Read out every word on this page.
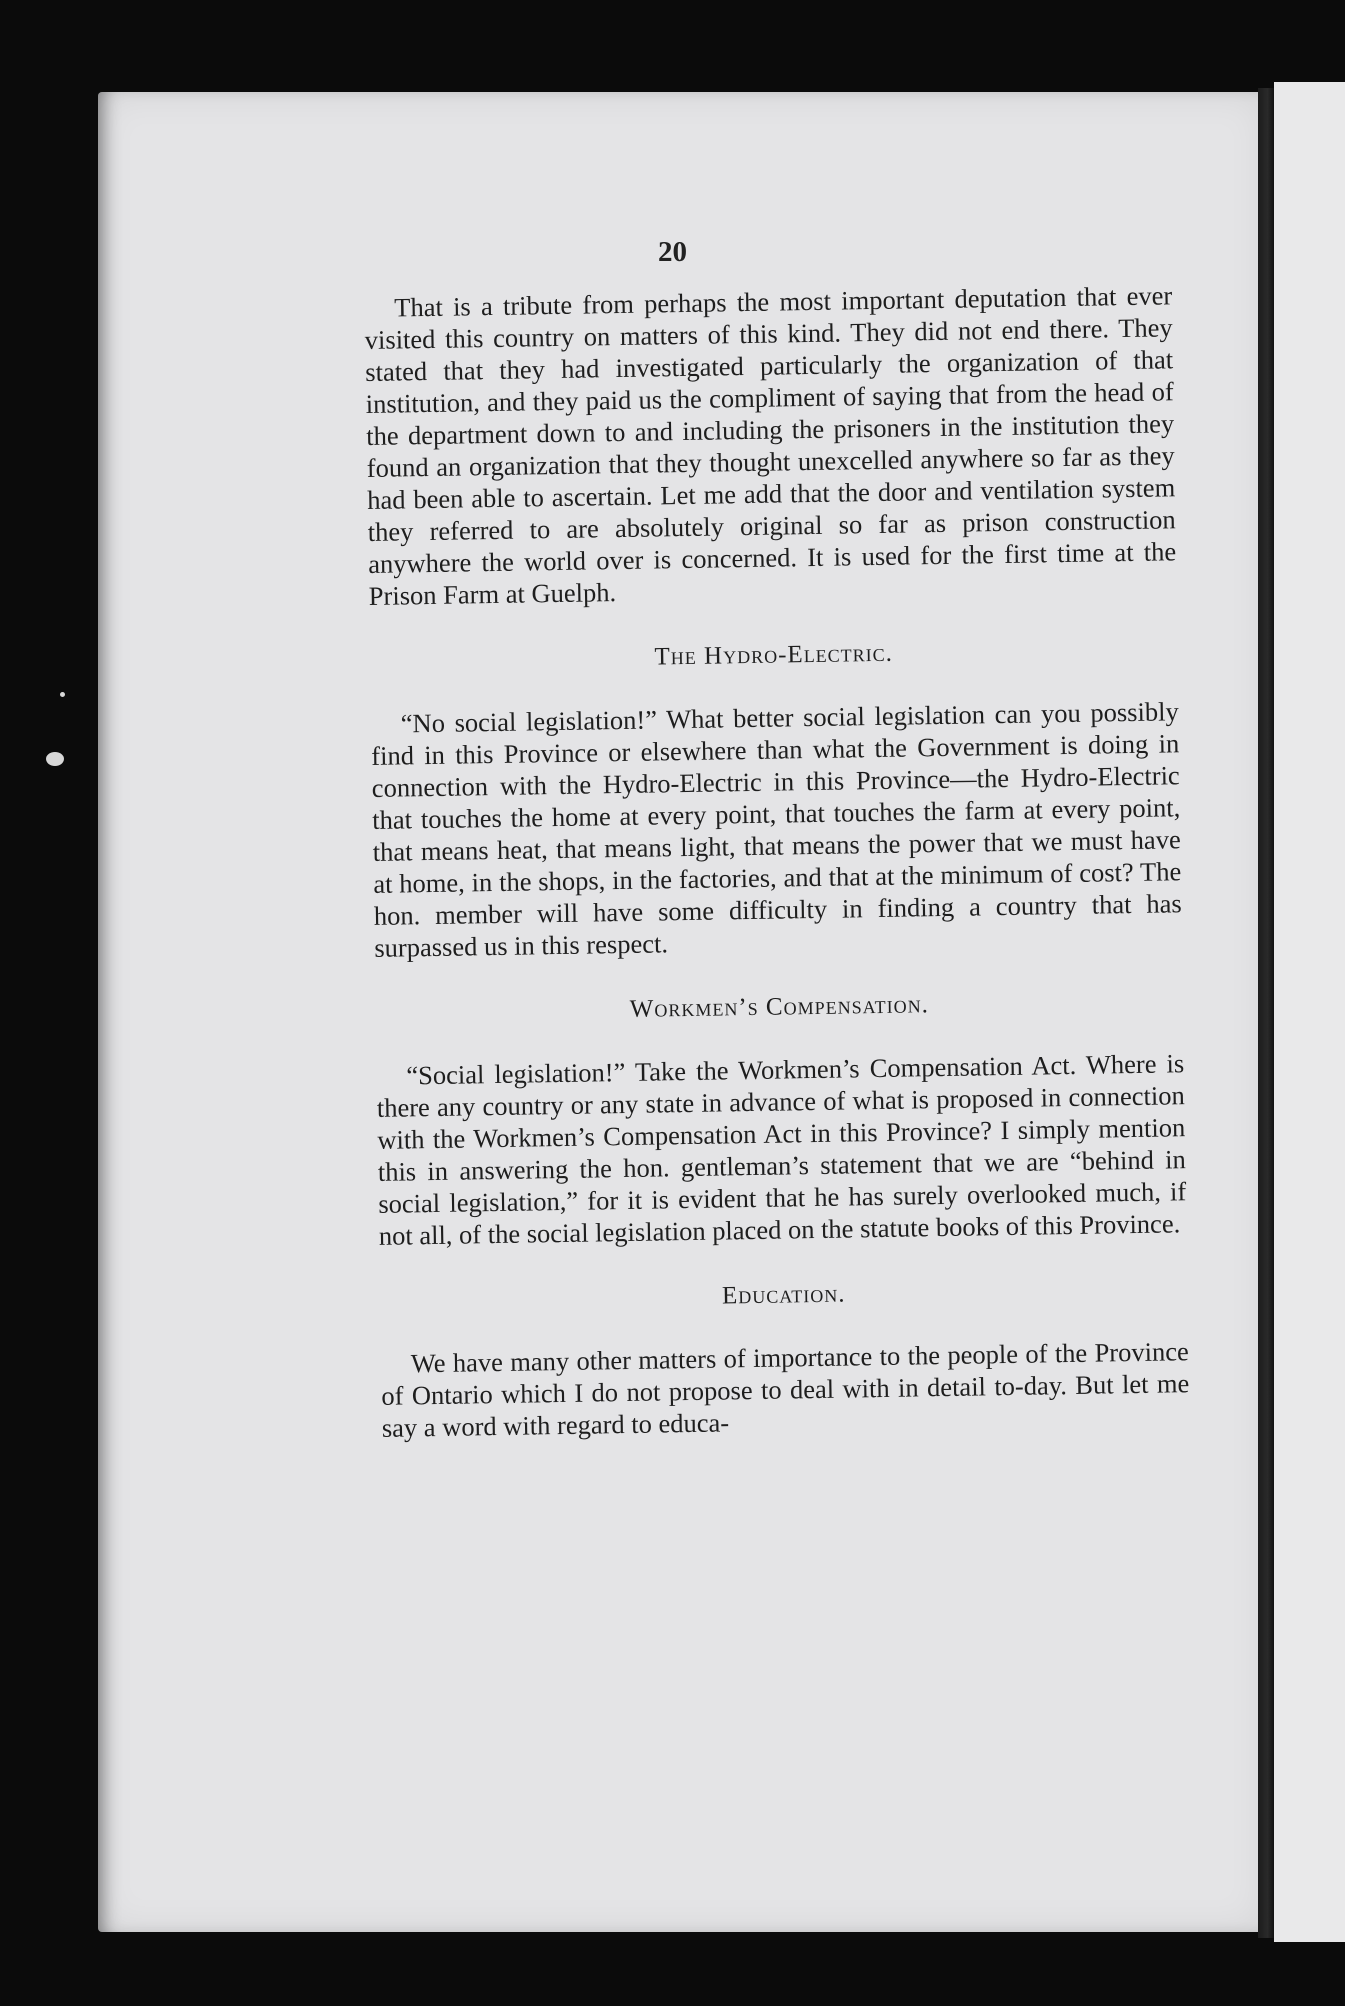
20

That is a tribute from perhaps the most important deputation that ever visited this country on matters of this kind. They did not end there. They stated that they had investigated particularly the organization of that institution, and they paid us the compliment of saying that from the head of the department down to and including the prisoners in the institution they found an organization that they thought unexcelled anywhere so far as they had been able to ascertain. Let me add that the door and ventilation system they referred to are absolutely original so far as prison construction anywhere the world over is concerned. It is used for the first time at the Prison Farm at Guelph.

The Hydro-Electric.

“No social legislation!” What better social legislation can you possibly find in this Province or elsewhere than what the Government is doing in connection with the Hydro-Electric in this Province—the Hydro-Electric that touches the home at every point, that touches the farm at every point, that means heat, that means light, that means the power that we must have at home, in the shops, in the factories, and that at the minimum of cost? The hon. member will have some difficulty in finding a country that has surpassed us in this respect.

Workmen’s Compensation.

“Social legislation!” Take the Workmen’s Compensation Act. Where is there any country or any state in advance of what is proposed in connection with the Workmen’s Compensation Act in this Province? I simply mention this in answering the hon. gentleman’s statement that we are “behind in social legislation,” for it is evident that he has surely overlooked much, if not all, of the social legislation placed on the statute books of this Province.

Education.

We have many other matters of importance to the people of the Province of Ontario which I do not propose to deal with in detail to-day. But let me say a word with regard to educa-
